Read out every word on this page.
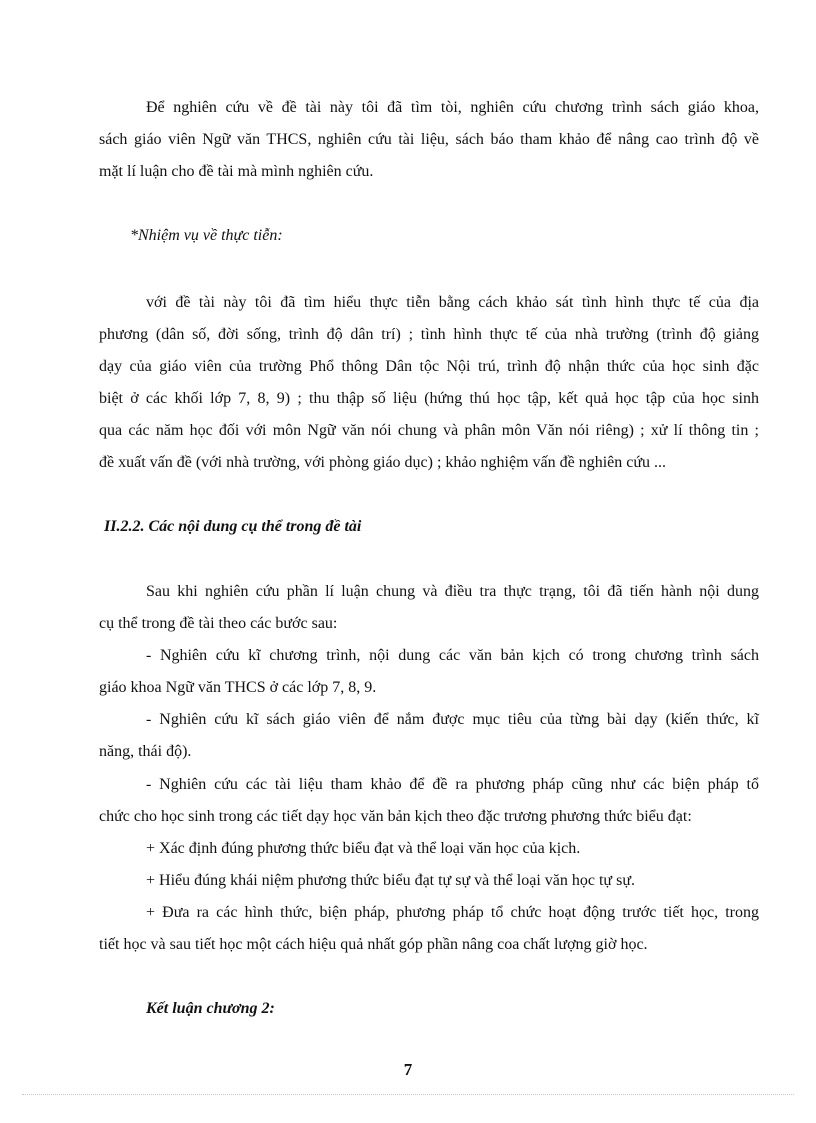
Để nghiên cứu về đề tài này tôi đã tìm tòi, nghiên cứu chương trình sách giáo khoa,
sách giáo viên Ngữ văn THCS, nghiên cứu tài liệu, sách báo tham khảo để nâng cao trình độ về
mặt lí luận cho đề tài mà mình nghiên cứu.
*Nhiệm vụ về thực tiễn:
với đề tài này tôi đã tìm hiểu thực tiễn bằng cách khảo sát tình hình thực tế của địa
phương (dân số, đời sống, trình độ dân trí) ; tình hình thực tế của nhà trường (trình độ giảng
dạy của giáo viên của trường Phổ thông Dân tộc Nội trú, trình độ nhận thức của học sinh đặc
biệt ở các khối lớp 7, 8, 9) ; thu thập số liệu (hứng thú học tập, kết quả học tập của học sinh
qua các năm học đối với môn Ngữ văn nói chung và phân môn Văn nói riêng) ; xử lí thông tin ;
đề xuất vấn đề (với nhà trường, với phòng giáo dục) ; khảo nghiệm vấn đề nghiên cứu ...
II.2.2. Các nội dung cụ thể trong đề tài
Sau khi nghiên cứu phần lí luận chung và điều tra thực trạng, tôi đã tiến hành nội dung
cụ thể trong đề tài theo các bước sau:
- Nghiên cứu kĩ chương trình, nội dung các văn bản kịch có trong chương trình sách
giáo khoa Ngữ văn THCS ở các lớp 7, 8, 9.
- Nghiên cứu kĩ sách giáo viên để nắm được mục tiêu của từng bài dạy (kiến thức, kĩ
năng, thái độ).
- Nghiên cứu các tài liệu tham khảo để đề ra phương pháp cũng như các biện pháp tổ
chức cho học sinh trong các tiết dạy học văn bản kịch theo đặc trương phương thức biểu đạt:
+ Xác định đúng phương thức biểu đạt và thể loại văn học của kịch.
+ Hiểu đúng khái niệm phương thức biểu đạt tự sự và thể loại văn học tự sự.
+ Đưa ra các hình thức, biện pháp, phương pháp tổ chức hoạt động trước tiết học, trong
tiết học và sau tiết học một cách hiệu quả nhất góp phần nâng coa chất lượng giờ học.
Kết luận chương 2:
7
